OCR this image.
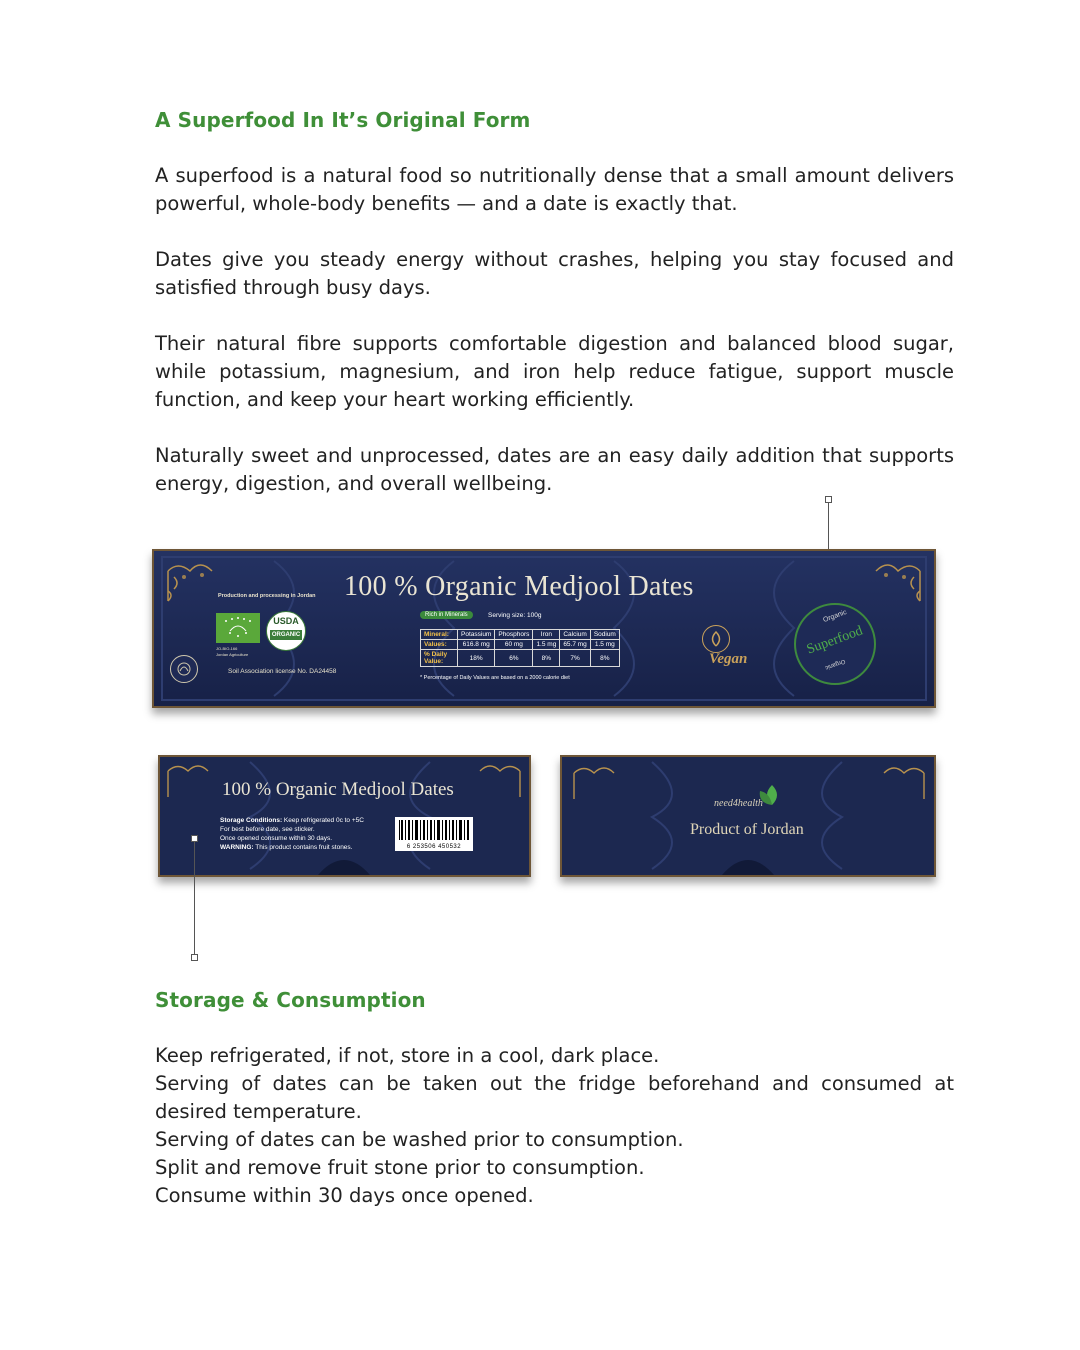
A Superfood In It’s Original Form

A superfood is a natural food so nutritionally dense that a small amount delivers powerful, whole-body benefits — and a date is exactly that.

Dates give you steady energy without crashes, helping you stay focused and satisfied through busy days.

Their natural fibre supports comfortable digestion and balanced blood sugar, while potassium, magnesium, and iron help reduce fatigue, support muscle function, and keep your heart working efficiently.

Naturally sweet and unprocessed, dates are an easy daily addition that supports energy, digestion, and overall wellbeing.

100 % Organic Medjool Dates
Production and processing in Jordan
JO-BIO-166
Jordan Agriculture
USDA
ORGANIC
Soil Association license No. DA24458
Rich in Minerals	Serving size: 100g
Mineral:	Potassium	Phosphors	Iron	Calcium	Sodium
Values:	616.8 mg	60 mg	1.5 mg	65.7 mg	1.5 mg
% Daily Value:	18%	6%	8%	7%	8%
* Percentage of Daily Values are based on a 2000 calorie diet
Vegan
Organic
Superfood
Organic
100 % Organic Medjool Dates
Storage Conditions: Keep refrigerated 0c to +5C
For best before date, see sticker.
Once opened consume within 30 days.
WARNING: This product contains fruit stones.	6 253506 450532
need4health
Product of Jordan
Storage & Consumption

Keep refrigerated, if not, store in a cool, dark place.

Serving of dates can be taken out the fridge beforehand and consumed at desired temperature.

Serving of dates can be washed prior to consumption.

Split and remove fruit stone prior to consumption.

Consume within 30 days once opened.
